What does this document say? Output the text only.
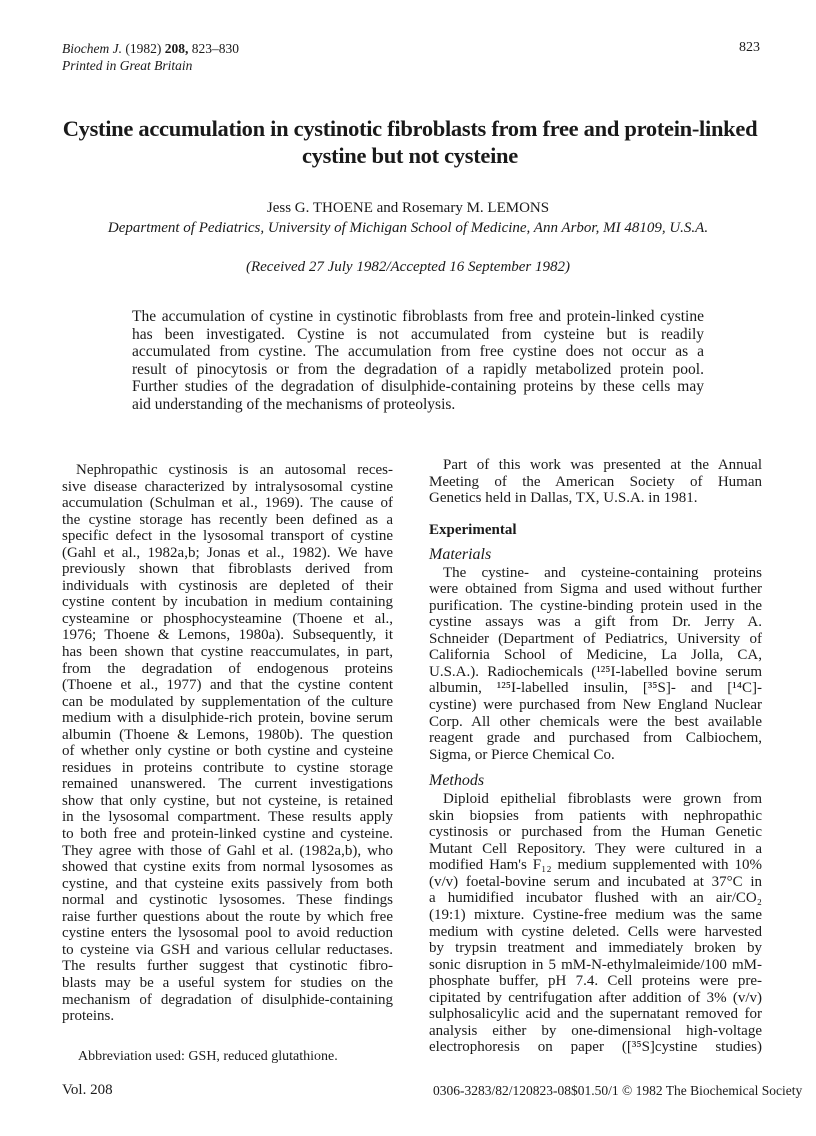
Biochem J. (1982) 208, 823–830
Printed in Great Britain
823
Cystine accumulation in cystinotic fibroblasts from free and protein-linked
cystine but not cysteine
Jess G. THOENE and Rosemary M. LEMONS
Department of Pediatrics, University of Michigan School of Medicine, Ann Arbor, MI 48109, U.S.A.
(Received 27 July 1982/Accepted 16 September 1982)
The accumulation of cystine in cystinotic fibroblasts from free and protein-linked cystine
has been investigated. Cystine is not accumulated from cysteine but is readily
accumulated from cystine. The accumulation from free cystine does not occur as a
result of pinocytosis or from the degradation of a rapidly metabolized protein pool.
Further studies of the degradation of disulphide-containing proteins by these cells may
aid understanding of the mechanisms of proteolysis.
Nephropathic cystinosis is an autosomal reces-
sive disease characterized by intralysosomal cystine
accumulation (Schulman et al., 1969). The cause of
the cystine storage has recently been defined as a
specific defect in the lysosomal transport of cystine
(Gahl et al., 1982a,b; Jonas et al., 1982). We have
previously shown that fibroblasts derived from
individuals with cystinosis are depleted of their
cystine content by incubation in medium containing
cysteamine or phosphocysteamine (Thoene et al.,
1976; Thoene & Lemons, 1980a). Subsequently, it
has been shown that cystine reaccumulates, in part,
from the degradation of endogenous proteins
(Thoene et al., 1977) and that the cystine content
can be modulated by supplementation of the culture
medium with a disulphide-rich protein, bovine serum
albumin (Thoene & Lemons, 1980b). The question
of whether only cystine or both cystine and cysteine
residues in proteins contribute to cystine storage
remained unanswered. The current investigations
show that only cystine, but not cysteine, is retained
in the lysosomal compartment. These results apply
to both free and protein-linked cystine and cysteine.
They agree with those of Gahl et al. (1982a,b), who
showed that cystine exits from normal lysosomes as
cystine, and that cysteine exits passively from both
normal and cystinotic lysosomes. These findings
raise further questions about the route by which free
cystine enters the lysosomal pool to avoid reduction
to cysteine via GSH and various cellular reductases.
The results further suggest that cystinotic fibro-
blasts may be a useful system for studies on the
mechanism of degradation of disulphide-containing
proteins.
Part of this work was presented at the Annual
Meeting of the American Society of Human
Genetics held in Dallas, TX, U.S.A. in 1981.
Experimental
Materials
The cystine- and cysteine-containing proteins
were obtained from Sigma and used without further
purification. The cystine-binding protein used in the
cystine assays was a gift from Dr. Jerry A.
Schneider (Department of Pediatrics, University of
California School of Medicine, La Jolla, CA,
U.S.A.). Radiochemicals (¹²⁵I-labelled bovine serum
albumin, ¹²⁵I-labelled insulin, [³⁵S]- and [¹⁴C]-
cystine) were purchased from New England Nuclear
Corp. All other chemicals were the best available
reagent grade and purchased from Calbiochem,
Sigma, or Pierce Chemical Co.
Methods
Diploid epithelial fibroblasts were grown from
skin biopsies from patients with nephropathic
cystinosis or purchased from the Human Genetic
Mutant Cell Repository. They were cultured in a
modified Ham's F₁₂ medium supplemented with 10%
(v/v) foetal-bovine serum and incubated at 37°C in
a humidified incubator flushed with an air/CO₂
(19:1) mixture. Cystine-free medium was the same
medium with cystine deleted. Cells were harvested
by trypsin treatment and immediately broken by
sonic disruption in 5 mM-N-ethylmaleimide/100 mM-
phosphate buffer, pH 7.4. Cell proteins were pre-
cipitated by centrifugation after addition of 3% (v/v)
sulphosalicylic acid and the supernatant removed for
analysis either by one-dimensional high-voltage
electrophoresis on paper ([³⁵S]cystine studies)
Abbreviation used: GSH, reduced glutathione.
Vol. 208	0306-3283/82/120823-08$01.50/1 © 1982 The Biochemical Society
